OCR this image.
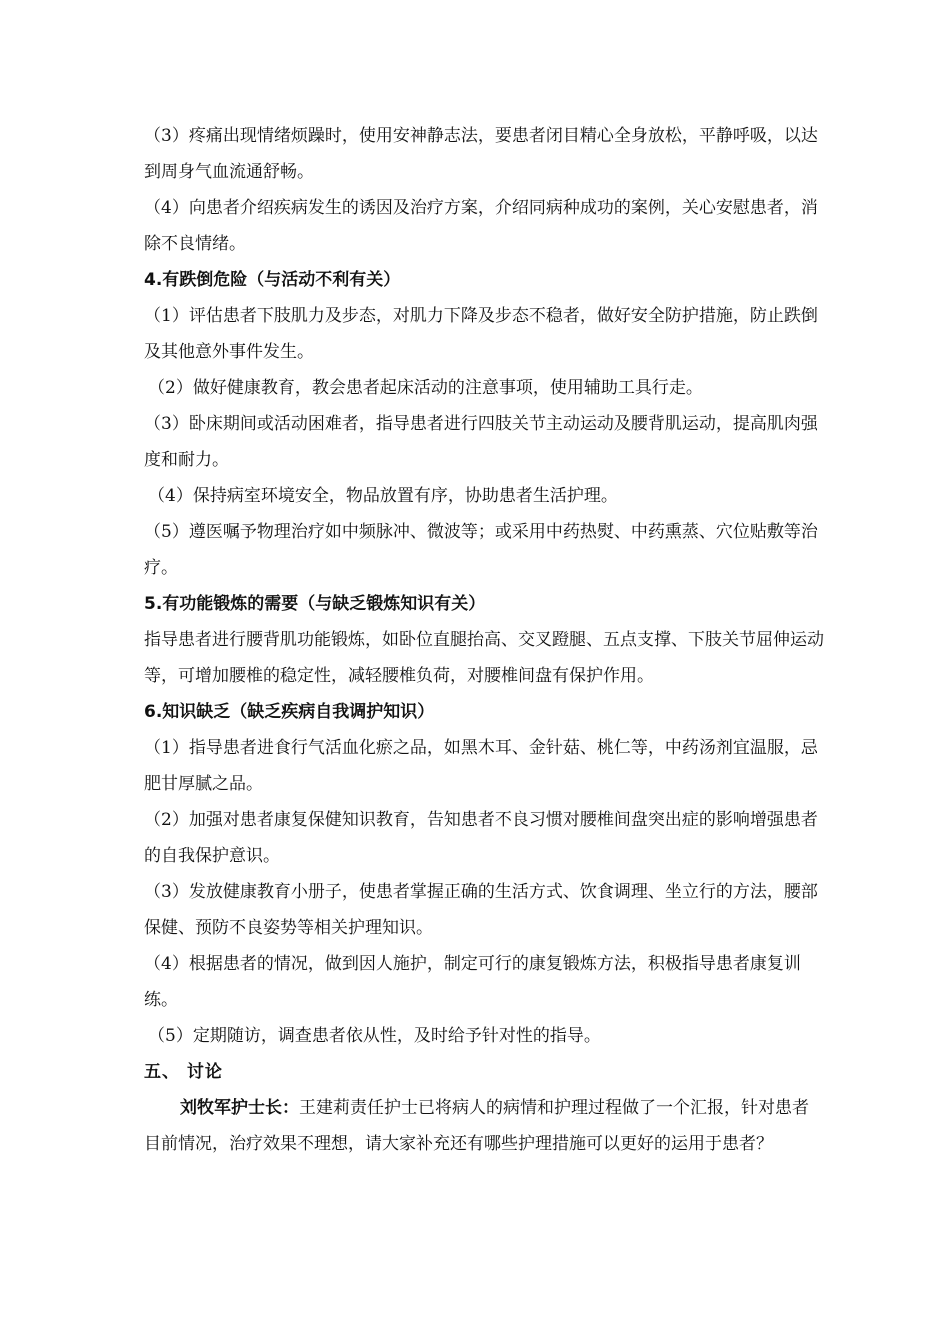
（3）疼痛出现情绪烦躁时，使用安神静志法，要患者闭目精心全身放松，平静呼吸，以达到周身气血流通舒畅。

（4）向患者介绍疾病发生的诱因及治疗方案，介绍同病种成功的案例，关心安慰患者，消除不良情绪。

4.有跌倒危险（与活动不利有关）

（1）评估患者下肢肌力及步态，对肌力下降及步态不稳者，做好安全防护措施，防止跌倒及其他意外事件发生。

（2）做好健康教育，教会患者起床活动的注意事项，使用辅助工具行走。

（3）卧床期间或活动困难者，指导患者进行四肢关节主动运动及腰背肌运动，提高肌肉强度和耐力。

（4）保持病室环境安全，物品放置有序，协助患者生活护理。

（5）遵医嘱予物理治疗如中频脉冲、微波等；或采用中药热熨、中药熏蒸、穴位贴敷等治疗。

5.有功能锻炼的需要（与缺乏锻炼知识有关）

指导患者进行腰背肌功能锻炼，如卧位直腿抬高、交叉蹬腿、五点支撑、下肢关节屈伸运动等，可增加腰椎的稳定性，减轻腰椎负荷，对腰椎间盘有保护作用。

6.知识缺乏（缺乏疾病自我调护知识）

（1）指导患者进食行气活血化瘀之品，如黑木耳、金针菇、桃仁等，中药汤剂宜温服，忌肥甘厚腻之品。

（2）加强对患者康复保健知识教育，告知患者不良习惯对腰椎间盘突出症的影响增强患者的自我保护意识。

（3）发放健康教育小册子，使患者掌握正确的生活方式、饮食调理、坐立行的方法，腰部保健、预防不良姿势等相关护理知识。

（4）根据患者的情况，做到因人施护，制定可行的康复锻炼方法，积极指导患者康复训练。

（5）定期随访，调查患者依从性，及时给予针对性的指导。

五、 讨论

刘牧军护士长：王建莉责任护士已将病人的病情和护理过程做了一个汇报，针对患者目前情况，治疗效果不理想，请大家补充还有哪些护理措施可以更好的运用于患者？
